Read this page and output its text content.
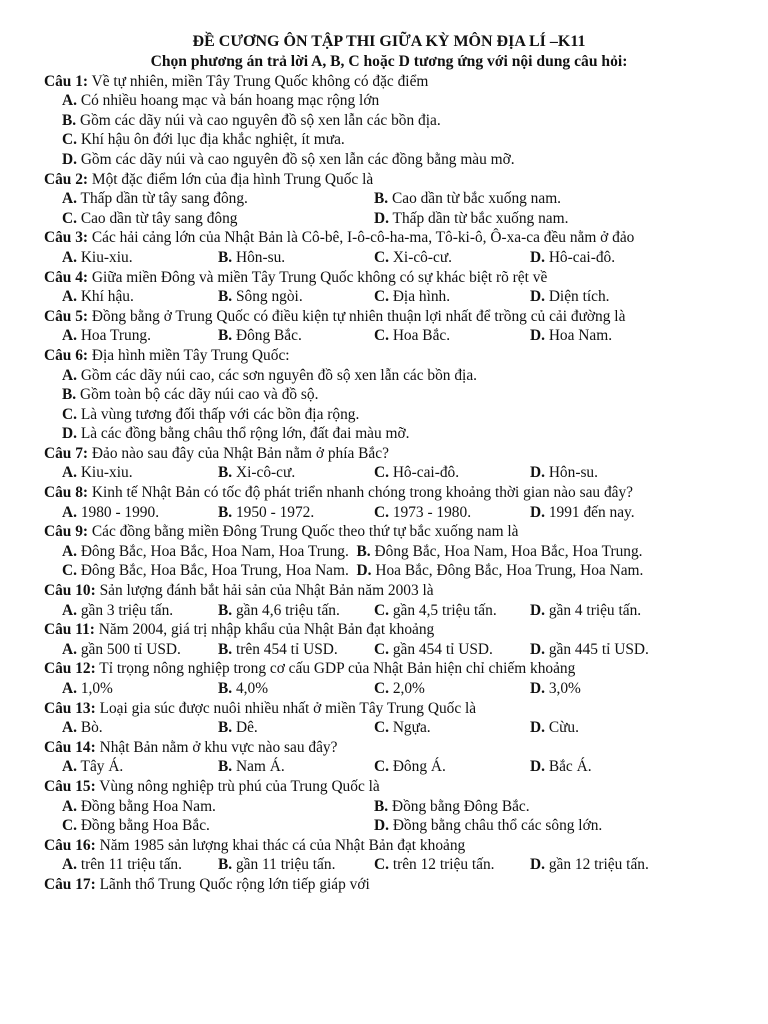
ĐỀ CƯƠNG ÔN TẬP THI GIỮA KỲ MÔN ĐỊA LÍ –K11

Chọn phương án trả lời A, B, C hoặc D tương ứng với nội dung câu hỏi:

Câu 1: Về tự nhiên, miền Tây Trung Quốc không có đặc điểm

A. Có nhiều hoang mạc và bán hoang mạc rộng lớn
B. Gồm các dãy núi và cao nguyên đồ sộ xen lẫn các bồn địa.
C. Khí hậu ôn đới lục địa khắc nghiệt, ít mưa.
D. Gồm các dãy núi và cao nguyên đồ sộ xen lẫn các đồng bằng màu mỡ.

Câu 2: Một đặc điểm lớn của địa hình Trung Quốc là

A. Thấp dần từ tây sang đông.	B. Cao dần từ bắc xuống nam.
C. Cao dần từ tây sang đông	D. Thấp dần từ bắc xuống nam.

Câu 3: Các hải cảng lớn của Nhật Bản là Cô-bê, I-ô-cô-ha-ma, Tô-ki-ô, Ô-xa-ca đều nằm ở đảo

A. Kiu-xiu.	B. Hôn-su.	C. Xi-cô-cư.	D. Hô-cai-đô.

Câu 4: Giữa miền Đông và miền Tây Trung Quốc không có sự khác biệt rõ rệt về

A. Khí hậu.	B. Sông ngòi.	C. Địa hình.	D. Diện tích.

Câu 5: Đồng bằng ở Trung Quốc có điều kiện tự nhiên thuận lợi nhất để trồng củ cải đường là

A. Hoa Trung.	B. Đông Bắc.	C. Hoa Bắc.	D. Hoa Nam.

Câu 6: Địa hình miền Tây Trung Quốc:

A. Gồm các dãy núi cao, các sơn nguyên đồ sộ xen lẫn các bồn địa.
B. Gồm toàn bộ các dãy núi cao và đồ sộ.
C. Là vùng tương đối thấp với các bồn địa rộng.
D. Là các đồng bằng châu thổ rộng lớn, đất đai màu mỡ.

Câu 7: Đảo nào sau đây của Nhật Bản nằm ở phía Bắc?

A. Kiu-xiu.	B. Xi-cô-cư.	C. Hô-cai-đô.	D. Hôn-su.

Câu 8: Kinh tế Nhật Bản có tốc độ phát triển nhanh chóng trong khoảng thời gian nào sau đây?

A. 1980 - 1990.	B. 1950 - 1972.	C. 1973 - 1980.	D. 1991 đến nay.

Câu 9: Các đồng bằng miền Đông Trung Quốc theo thứ tự bắc xuống nam là

A. Đông Bắc, Hoa Bắc, Hoa Nam, Hoa Trung. B. Đông Bắc, Hoa Nam, Hoa Bắc, Hoa Trung.

C. Đông Bắc, Hoa Bắc, Hoa Trung, Hoa Nam. D. Hoa Bắc, Đông Bắc, Hoa Trung, Hoa Nam.

Câu 10: Sản lượng đánh bắt hải sản của Nhật Bản năm 2003 là

A. gần 3 triệu tấn.	B. gần 4,6 triệu tấn.	C. gần 4,5 triệu tấn.	D. gần 4 triệu tấn.

Câu 11: Năm 2004, giá trị nhập khẩu của Nhật Bản đạt khoảng

A. gần 500 tỉ USD.	B. trên 454 tỉ USD.	C. gần 454 tỉ USD.	D. gần 445 tỉ USD.

Câu 12: Tỉ trọng nông nghiệp trong cơ cấu GDP của Nhật Bản hiện chỉ chiếm khoảng

A. 1,0%	B. 4,0%	C. 2,0%	D. 3,0%

Câu 13: Loại gia súc được nuôi nhiều nhất ở miền Tây Trung Quốc là

A. Bò.	B. Dê.	C. Ngựa.	D. Cừu.

Câu 14: Nhật Bản nằm ở khu vực nào sau đây?

A. Tây Á.	B. Nam Á.	C. Đông Á.	D. Bắc Á.

Câu 15: Vùng nông nghiệp trù phú của Trung Quốc là

A. Đồng bằng Hoa Nam.	B. Đồng bằng Đông Bắc.
C. Đồng bằng Hoa Bắc.	D. Đồng bằng châu thổ các sông lớn.

Câu 16: Năm 1985 sản lượng khai thác cá của Nhật Bản đạt khoảng

A. trên 11 triệu tấn.	B. gần 11 triệu tấn.	C. trên 12 triệu tấn.	D. gần 12 triệu tấn.

Câu 17: Lãnh thổ Trung Quốc rộng lớn tiếp giáp với
